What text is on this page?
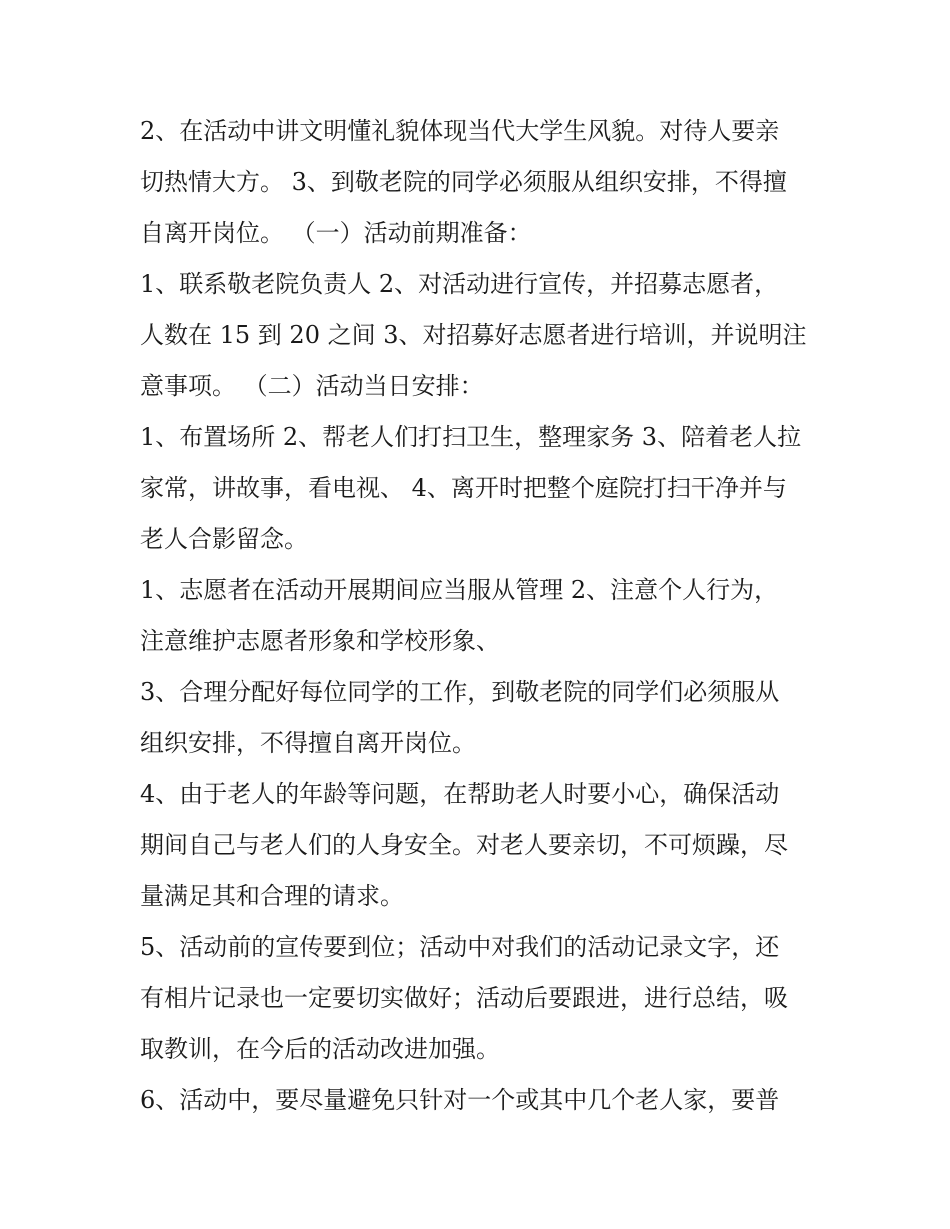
2、在活动中讲文明懂礼貌体现当代大学生风貌。对待人要亲
切热情大方。 3、到敬老院的同学必须服从组织安排，不得擅
自离开岗位。 （一）活动前期准备：
1、联系敬老院负责人 2、对活动进行宣传，并招募志愿者，
人数在 15 到 20 之间 3、对招募好志愿者进行培训，并说明注
意事项。 （二）活动当日安排：
1、布置场所 2、帮老人们打扫卫生，整理家务 3、陪着老人拉
家常，讲故事，看电视、 4、离开时把整个庭院打扫干净并与
老人合影留念。
1、志愿者在活动开展期间应当服从管理 2、注意个人行为，
注意维护志愿者形象和学校形象、
3、合理分配好每位同学的工作，到敬老院的同学们必须服从
组织安排，不得擅自离开岗位。
4、由于老人的年龄等问题，在帮助老人时要小心，确保活动
期间自己与老人们的人身安全。对老人要亲切，不可烦躁，尽
量满足其和合理的请求。
5、活动前的宣传要到位；活动中对我们的活动记录文字，还
有相片记录也一定要切实做好；活动后要跟进，进行总结，吸
取教训，在今后的活动改进加强。
6、活动中，要尽量避免只针对一个或其中几个老人家，要普
